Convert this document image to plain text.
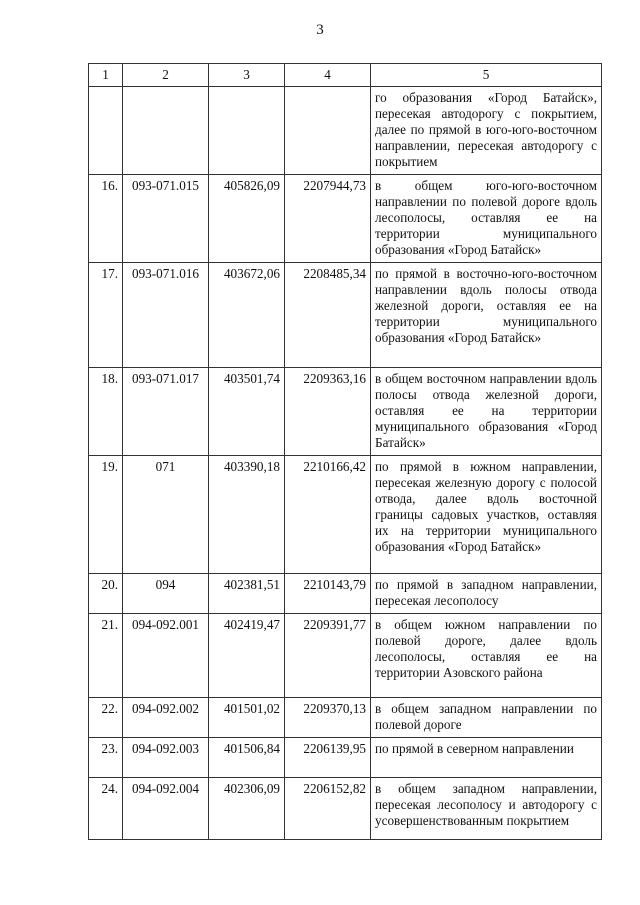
3
1	2	3	4	5
				го образования «Город Батайск», пересекая автодорогу с покрытием, далее по прямой в юго-юго-восточном направлении, пересекая автодорогу с покрытием
16.	093-071.015	405826,09	2207944,73	в общем юго-юго-восточном направлении по полевой дороге вдоль лесополосы, оставляя ее на территории муниципального образования «Город Батайск»
17.	093-071.016	403672,06	2208485,34	по прямой в восточно-юго-восточном направлении вдоль полосы отвода железной дороги, оставляя ее на территории муниципального образования «Город Батайск»
18.	093-071.017	403501,74	2209363,16	в общем восточном направлении вдоль полосы отвода железной дороги, оставляя ее на территории муниципального образования «Город Батайск»
19.	071	403390,18	2210166,42	по прямой в южном направлении, пересекая железную дорогу с полосой отвода, далее вдоль восточной границы садовых участков, оставляя их на территории муниципального образования «Город Батайск»
20.	094	402381,51	2210143,79	по прямой в западном направлении, пересекая лесополосу
21.	094-092.001	402419,47	2209391,77	в общем южном направлении по полевой дороге, далее вдоль лесополосы, оставляя ее на территории Азовского района
22.	094-092.002	401501,02	2209370,13	в общем западном направлении по полевой дороге
23.	094-092.003	401506,84	2206139,95	по прямой в северном направлении
24.	094-092.004	402306,09	2206152,82	в общем западном направлении, пересекая лесополосу и автодорогу с усовершенствованным покрытием
